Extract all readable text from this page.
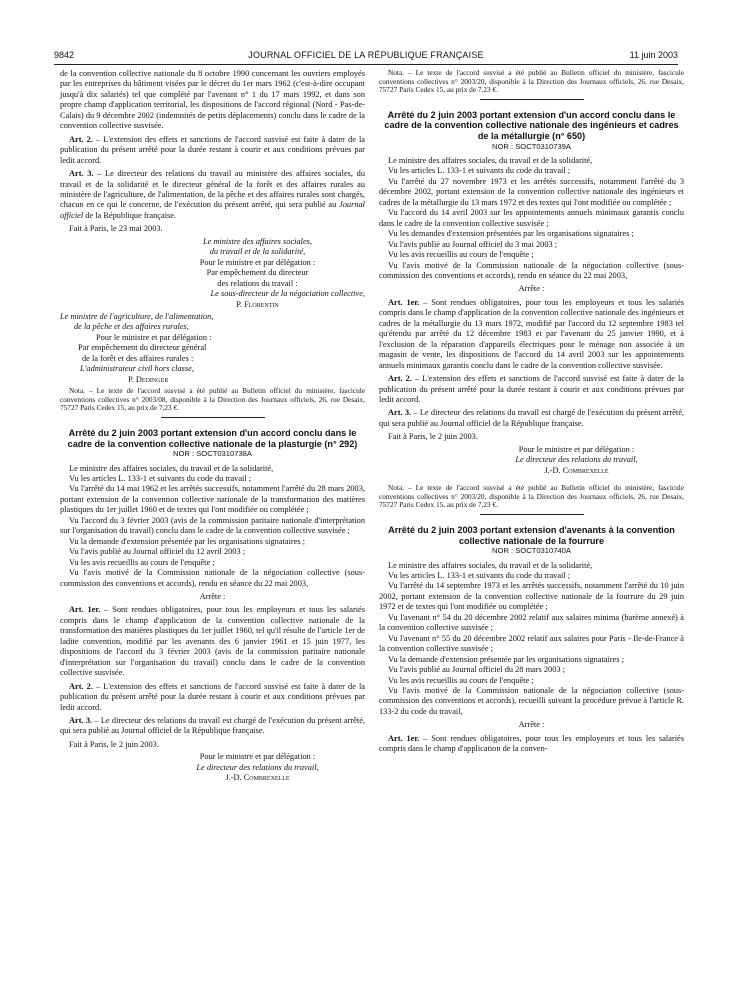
9842	JOURNAL OFFICIEL DE LA RÉPUBLIQUE FRANÇAISE	11 juin 2003

de la convention collective nationale du 8 octobre 1990 concernant les ouvriers employés par les entreprises du bâtiment visées par le décret du 1er mars 1962 (c'est-à-dire occupant jusqu'à dix salariés) tel que complété par l'avenant n° 1 du 17 mars 1992, et dans son propre champ d'application territorial, les dispositions de l'accord régional (Nord - Pas-de-Calais) du 9 décembre 2002 (indemnités de petits déplacements) conclu dans le cadre de la convention collective susvisée.

Art. 2. – L'extension des effets et sanctions de l'accord susvisé est faite à dater de la publication du présent arrêté pour la durée restant à courir et aux conditions prévues par ledit accord.

Art. 3. – Le directeur des relations du travail au ministère des affaires sociales, du travail et de la solidarité et le directeur général de la forêt et des affaires rurales au ministère de l'agriculture, de l'alimentation, de la pêche et des affaires rurales sont chargés, chacun en ce qui le concerne, de l'exécution du présent arrêté, qui sera publié au Journal officiel de la République française.

Fait à Paris, le 23 mai 2003.

Le ministre des affaires sociales,

du travail et de la solidarité,

Pour le ministre et par délégation :

Par empêchement du directeur

des relations du travail :

Le sous-directeur de la négociation collective,

P. Florentin

Le ministre de l'agriculture, de l'alimentation,

de la pêche et des affaires rurales,

Pour le ministre et par délégation :

Par empêchement du directeur général

de la forêt et des affaires rurales :

L'administrateur civil hors classe,

P. Dedinger

Nota. – Le texte de l'accord susvisé a été publié au Bulletin officiel du ministère, fascicule conventions collectives n° 2003/08, disponible à la Direction des Journaux officiels, 26, rue Desaix, 75727 Paris Cedex 15, au prix de 7,23 €.

Arrêté du 2 juin 2003 portant extension d'un accord conclu dans le cadre de la convention collective nationale de la plasturgie (n° 292)

NOR : SOCT0310738A

Le ministre des affaires sociales, du travail et de la solidarité,

Vu les articles L. 133-1 et suivants du code du travail ;

Vu l'arrêté du 14 mai 1962 et les arrêtés successifs, notamment l'arrêté du 28 mars 2003, portant extension de la convention collective nationale de la transformation des matières plastiques du 1er juillet 1960 et de textes qui l'ont modifiée ou complétée ;

Vu l'accord du 3 février 2003 (avis de la commission paritaire nationale d'interprétation sur l'organisation du travail) conclu dans le cadre de la convention collective susvisée ;

Vu la demande d'extension présentée par les organisations signataires ;

Vu l'avis publié au Journal officiel du 12 avril 2003 ;

Vu les avis recueillis au cours de l'enquête ;

Vu l'avis motivé de la Commission nationale de la négociation collective (sous-commission des conventions et accords), rendu en séance du 22 mai 2003,

Arrête :

Art. 1er. – Sont rendues obligatoires, pour tous les employeurs et tous les salariés compris dans le champ d'application de la convention collective nationale de la transformation des matières plastiques du 1er juillet 1960, tel qu'il résulte de l'article 1er de ladite convention, modifié par les avenants des 6 janvier 1961 et 15 juin 1977, les dispositions de l'accord du 3 février 2003 (avis de la commission paritaire nationale d'interprétation sur l'organisation du travail) conclu dans le cadre de la convention collective susvisée.

Art. 2. – L'extension des effets et sanctions de l'accord susvisé est faite à dater de la publication du présent arrêté pour la durée restant à courir et aux conditions prévues par ledit accord.

Art. 3. – Le directeur des relations du travail est chargé de l'exécution du présent arrêté, qui sera publié au Journal officiel de la République française.

Fait à Paris, le 2 juin 2003.

Pour le ministre et par délégation :

Le directeur des relations du travail,

J.-D. Combrexelle

Nota. – Le texte de l'accord susvisé a été publié au Bulletin officiel du ministère, fascicule conventions collectives n° 2003/20, disponible à la Direction des Journaux officiels, 26, rue Desaix, 75727 Paris Cedex 15, au prix de 7,23 €.

Arrêté du 2 juin 2003 portant extension d'un accord conclu dans le cadre de la convention collective nationale des ingénieurs et cadres de la métallurgie (n° 650)

NOR : SOCT0310739A

Le ministre des affaires sociales, du travail et de la solidarité,

Vu les articles L. 133-1 et suivants du code du travail ;

Vu l'arrêté du 27 novembre 1973 et les arrêtés successifs, notamment l'arrêté du 3 décembre 2002, portant extension de la convention collective nationale des ingénieurs et cadres de la métallurgie du 13 mars 1972 et des textes qui l'ont modifiée ou complétée ;

Vu l'accord du 14 avril 2003 sur les appointements annuels minimaux garantis conclu dans le cadre de la convention collective susvisée ;

Vu les demandes d'extension présentées par les organisations signataires ;

Vu l'avis publié au Journal officiel du 3 mai 2003 ;

Vu les avis recueillis au cours de l'enquête ;

Vu l'avis motivé de la Commission nationale de la négociation collective (sous-commission des conventions et accords), rendu en séance du 22 mai 2003,

Arrête :

Art. 1er. – Sont rendues obligatoires, pour tous les employeurs et tous les salariés compris dans le champ d'application de la convention collective nationale des ingénieurs et cadres de la métallurgie du 13 mars 1972, modifié par l'accord du 12 septembre 1983 tel qu'étendu par arrêté du 12 décembre 1983 et par l'avenant du 25 janvier 1990, et à l'exclusion de la réparation d'appareils électriques pour le ménage non associée à un magasin de vente, les dispositions de l'accord du 14 avril 2003 sur les appointements annuels minimaux garantis conclu dans le cadre de la convention collective susvisée.

Art. 2. – L'extension des effets et sanctions de l'accord susvisé est faite à dater de la publication du présent arrêté pour la durée restant à courir et aux conditions prévues par ledit accord.

Art. 3. – Le directeur des relations du travail est chargé de l'exécution du présent arrêté, qui sera publié au Journal officiel de la République française.

Fait à Paris, le 2 juin 2003.

Pour le ministre et par délégation :

Le directeur des relations du travail,

J.-D. Combrexelle

Nota. – Le texte de l'accord susvisé a été publié au Bulletin officiel du ministère, fascicule conventions collectives n° 2003/20, disponible à la Direction des Journaux officiels, 26, rue Desaix, 75727 Paris Cedex 15, au prix de 7,23 €.

Arrêté du 2 juin 2003 portant extension d'avenants à la convention collective nationale de la fourrure

NOR : SOCT0310740A

Le ministre des affaires sociales, du travail et de la solidarité,

Vu les articles L. 133-1 et suivants du code du travail ;

Vu l'arrêté du 14 septembre 1973 et les arrêtés successifs, notamment l'arrêté du 10 juin 2002, portant extension de la convention collective nationale de la fourrure du 29 juin 1972 et de textes qui l'ont modifiée ou complétée ;

Vu l'avenant n° 54 du 20 décembre 2002 relatif aux salaires minima (barème annexé) à la convention collective susvisée ;

Vu l'avenant n° 55 du 20 décembre 2002 relatif aux salaires pour Paris - Ile-de-France à la convention collective susvisée ;

Vu la demande d'extension présentée par les organisations signataires ;

Vu l'avis publié au Journal officiel du 28 mars 2003 ;

Vu les avis recueillis au cours de l'enquête ;

Vu l'avis motivé de la Commission nationale de la négociation collective (sous-commission des conventions et accords), recueilli suivant la procédure prévue à l'article R. 133-2 du code du travail,

Arrête :

Art. 1er. – Sont rendues obligatoires, pour tous les employeurs et tous les salariés compris dans le champ d'application de la conven-
